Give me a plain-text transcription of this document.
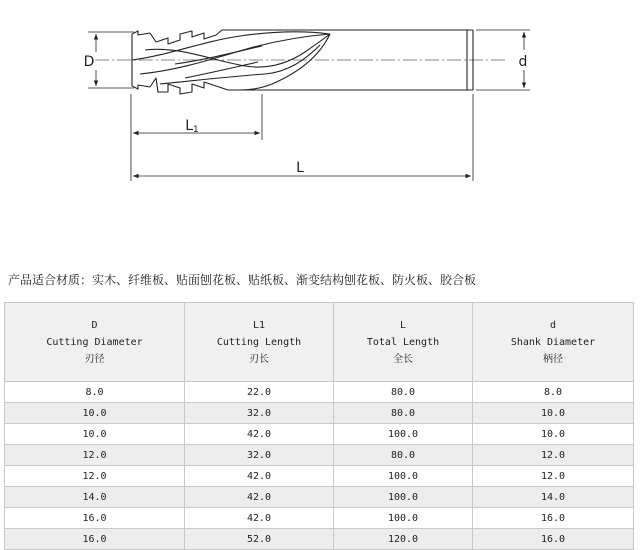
D	d
L1
L
产品适合材质：实木、纤维板、贴面刨花板、贴纸板、渐变结构刨花板、防火板、胶合板
D
Cutting Diameter
刃径	L1
Cutting Length
刃长	L
Total Length
全长	d
Shank Diameter
柄径

8.0	22.0	80.0	8.0
10.0	32.0	80.0	10.0
10.0	42.0	100.0	10.0
12.0	32.0	80.0	12.0
12.0	42.0	100.0	12.0
14.0	42.0	100.0	14.0
16.0	42.0	100.0	16.0
16.0	52.0	120.0	16.0
